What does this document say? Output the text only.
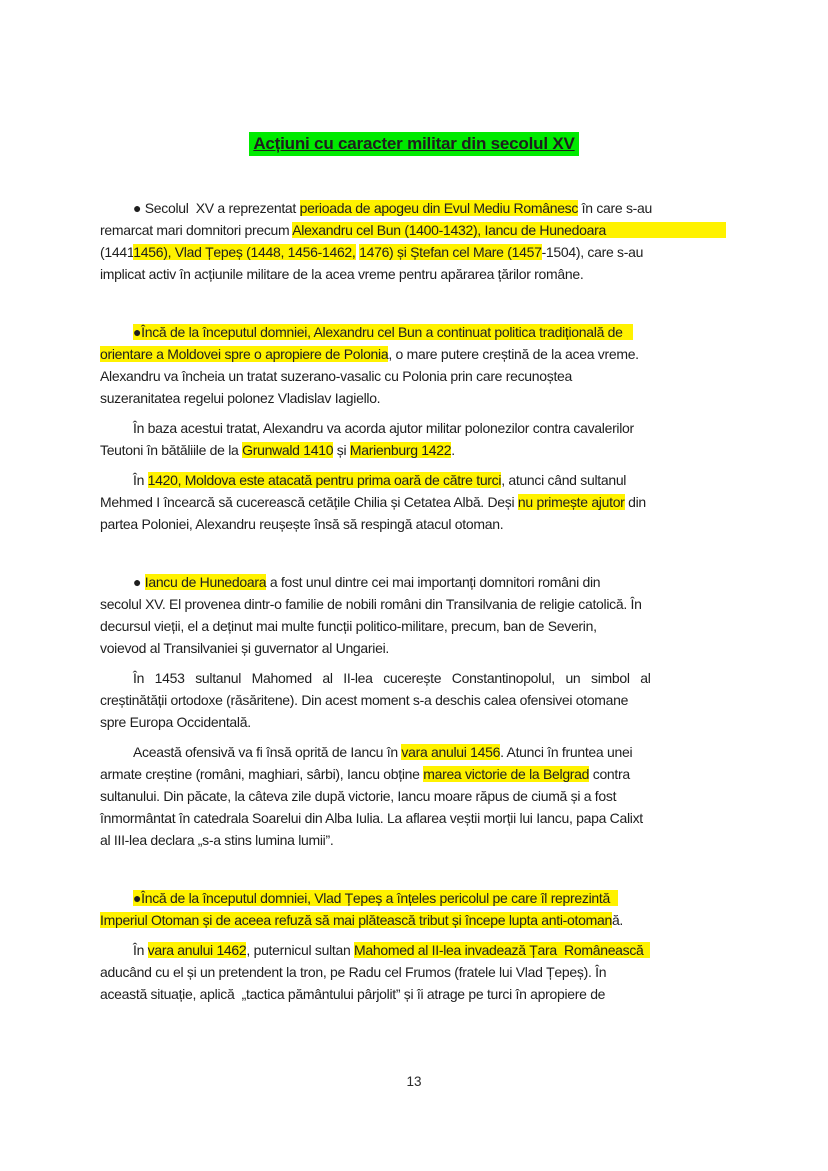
Acțiuni cu caracter militar din secolul XV
● Secolul  XV a reprezentat perioada de apogeu din Evul Mediu Românesc în care s-au
remarcat mari domnitori precum Alexandru cel Bun (1400-1432), Iancu de Hunedoara
(14411456), Vlad Țepeș (1448, 1456-1462, 1476) și Ștefan cel Mare (1457-1504), care s-au
implicat activ în acțiunile militare de la acea vreme pentru apărarea țărilor române.
●Încă de la începutul domniei, Alexandru cel Bun a continuat politica tradițională de
orientare a Moldovei spre o apropiere de Polonia, o mare putere creștină de la acea vreme.
Alexandru va încheia un tratat suzerano-vasalic cu Polonia prin care recunoștea
suzeranitatea regelui polonez Vladislav Iagiello.
În baza acestui tratat, Alexandru va acorda ajutor militar polonezilor contra cavalerilor
Teutoni în bătăliile de la Grunwald 1410 și Marienburg 1422.
În 1420, Moldova este atacată pentru prima oară de către turci, atunci când sultanul
Mehmed I încearcă să cucerească cetățile Chilia și Cetatea Albă. Deși nu primește ajutor din
partea Poloniei, Alexandru reușește însă să respingă atacul otoman.
● Iancu de Hunedoara a fost unul dintre cei mai importanți domnitori români din
secolul XV. El provenea dintr-o familie de nobili români din Transilvania de religie catolică. În
decursul vieții, el a deținut mai multe funcții politico-militare, precum, ban de Severin,
voievod al Transilvaniei și guvernator al Ungariei.
În 1453 sultanul Mahomed al II-lea cucerește Constantinopolul, un simbol al
creștinătății ortodoxe (răsăritene). Din acest moment s-a deschis calea ofensivei otomane
spre Europa Occidentală.
Această ofensivă va fi însă oprită de Iancu în vara anului 1456. Atunci în fruntea unei
armate creștine (români, maghiari, sârbi), Iancu obține marea victorie de la Belgrad contra
sultanului. Din păcate, la câteva zile după victorie, Iancu moare răpus de ciumă și a fost
înmormântat în catedrala Soarelui din Alba Iulia. La aflarea veștii morții lui Iancu, papa Calixt
al III-lea declara „s-a stins lumina lumii”.
●Încă de la începutul domniei, Vlad Țepeș a înțeles pericolul pe care îl reprezintă
Imperiul Otoman și de aceea refuză să mai plătească tribut și începe lupta anti-otomană.
În vara anului 1462, puternicul sultan Mahomed al II-lea invadează Țara  Românească
aducând cu el și un pretendent la tron, pe Radu cel Frumos (fratele lui Vlad Țepeș). În
această situație, aplică  „tactica pământului pârjolit” și îi atrage pe turci în apropiere de
13
